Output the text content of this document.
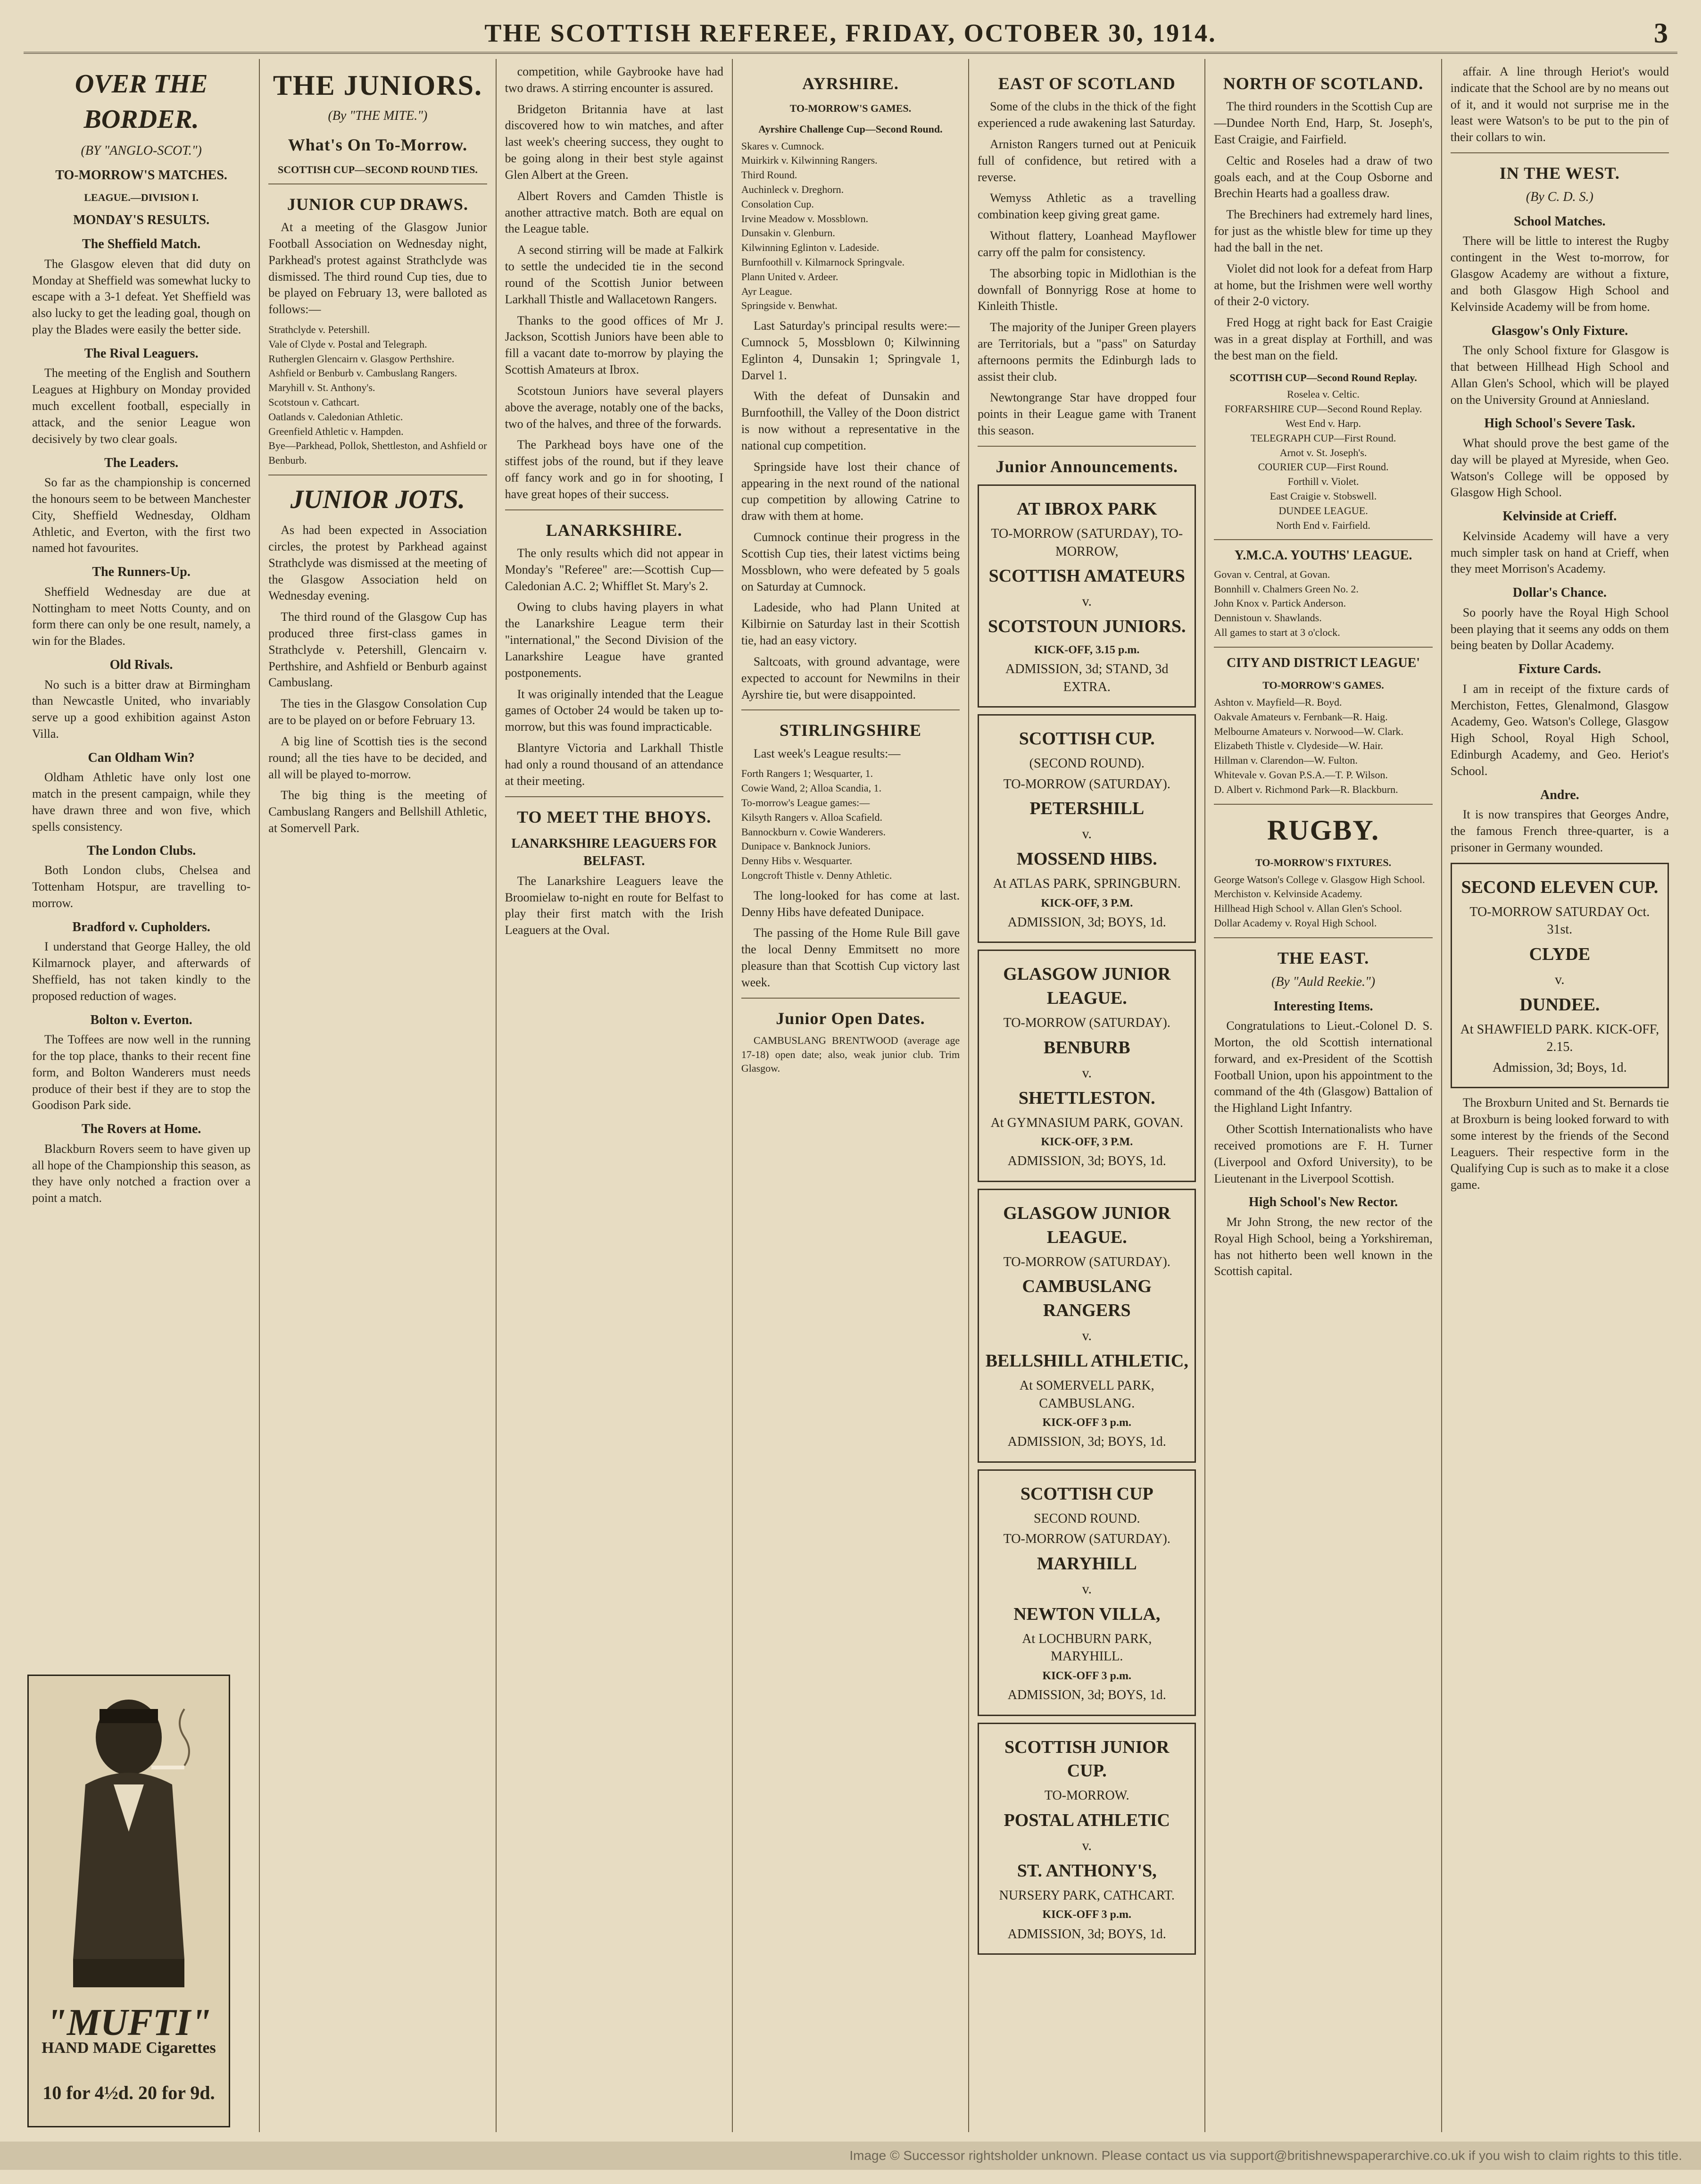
THE SCOTTISH REFEREE, FRIDAY, OCTOBER 30, 1914.	3
OVER THE BORDER.
(BY "ANGLO-SCOT.")
TO-MORROW'S MATCHES.
LEAGUE.—DIVISION I.
MONDAY'S RESULTS.
The Sheffield Match.

The Glasgow eleven that did duty on Monday at Sheffield was somewhat lucky to escape with a 3-1 defeat. Yet Sheffield was also lucky to get the leading goal, though on play the Blades were easily the better side.

The Rival Leaguers.

The meeting of the English and Southern Leagues at Highbury on Monday provided much excellent football, especially in attack, and the senior League won decisively by two clear goals.

The Leaders.

So far as the championship is concerned the honours seem to be between Manchester City, Sheffield Wednesday, Oldham Athletic, and Everton, with the first two named hot favourites.

The Runners-Up.

Sheffield Wednesday are due at Nottingham to meet Notts County, and on form there can only be one result, namely, a win for the Blades.

Old Rivals.

No such is a bitter draw at Birmingham than Newcastle United, who invariably serve up a good exhibition against Aston Villa.

Can Oldham Win?

Oldham Athletic have only lost one match in the present campaign, while they have drawn three and won five, which spells consistency.

The London Clubs.

Both London clubs, Chelsea and Tottenham Hotspur, are travelling to-morrow.

Bradford v. Cupholders.

I understand that George Halley, the old Kilmarnock player, and afterwards of Sheffield, has not taken kindly to the proposed reduction of wages.

Bolton v. Everton.

The Toffees are now well in the running for the top place, thanks to their recent fine form, and Bolton Wanderers must needs produce of their best if they are to stop the Goodison Park side.

The Rovers at Home.

Blackburn Rovers seem to have given up all hope of the Championship this season, as they have only notched a fraction over a point a match.

THE JUNIORS.
(By "THE MITE.")
What's On To-Morrow.
SCOTTISH CUP—SECOND ROUND TIES.
JUNIOR CUP DRAWS.

At a meeting of the Glasgow Junior Football Association on Wednesday night, Parkhead's protest against Strathclyde was dismissed. The third round Cup ties, due to be played on February 13, were balloted as follows:—

Strathclyde v. Petershill.
Vale of Clyde v. Postal and Telegraph.
Rutherglen Glencairn v. Glasgow Perthshire.
Ashfield or Benburb v. Cambuslang Rangers.
Maryhill v. St. Anthony's.
Scotstoun v. Cathcart.
Oatlands v. Caledonian Athletic.
Greenfield Athletic v. Hampden.
Bye—Parkhead, Pollok, Shettleston, and Ashfield or Benburb.
JUNIOR JOTS.

As had been expected in Association circles, the protest by Parkhead against Strathclyde was dismissed at the meeting of the Glasgow Association held on Wednesday evening.

The third round of the Glasgow Cup has produced three first-class games in Strathclyde v. Petershill, Glencairn v. Perthshire, and Ashfield or Benburb against Cambuslang.

The ties in the Glasgow Consolation Cup are to be played on or before February 13.

A big line of Scottish ties is the second round; all the ties have to be decided, and all will be played to-morrow.

The big thing is the meeting of Cambuslang Rangers and Bellshill Athletic, at Somervell Park.

competition, while Gaybrooke have had two draws. A stirring encounter is assured.

Bridgeton Britannia have at last discovered how to win matches, and after last week's cheering success, they ought to be going along in their best style against Glen Albert at the Green.

Albert Rovers and Camden Thistle is another attractive match. Both are equal on the League table.

A second stirring will be made at Falkirk to settle the undecided tie in the second round of the Scottish Junior between Larkhall Thistle and Wallacetown Rangers.

Thanks to the good offices of Mr J. Jackson, Scottish Juniors have been able to fill a vacant date to-morrow by playing the Scottish Amateurs at Ibrox.

Scotstoun Juniors have several players above the average, notably one of the backs, two of the halves, and three of the forwards.

The Parkhead boys have one of the stiffest jobs of the round, but if they leave off fancy work and go in for shooting, I have great hopes of their success.

LANARKSHIRE.

The only results which did not appear in Monday's "Referee" are:—Scottish Cup—Caledonian A.C. 2; Whifflet St. Mary's 2.

Owing to clubs having players in what the Lanarkshire League term their "international," the Second Division of the Lanarkshire League have granted postponements.

It was originally intended that the League games of October 24 would be taken up to-morrow, but this was found impracticable.

Blantyre Victoria and Larkhall Thistle had only a round thousand of an attendance at their meeting.

TO MEET THE BHOYS.
LANARKSHIRE LEAGUERS FOR BELFAST.

The Lanarkshire Leaguers leave the Broomielaw to-night en route for Belfast to play their first match with the Irish Leaguers at the Oval.

AYRSHIRE.
TO-MORROW'S GAMES.
Ayrshire Challenge Cup—Second Round.
Skares v. Cumnock.
Muirkirk v. Kilwinning Rangers.
Third Round.
Auchinleck v. Dreghorn.
Consolation Cup.
Irvine Meadow v. Mossblown.
Dunsakin v. Glenburn.
Kilwinning Eglinton v. Ladeside.
Burnfoothill v. Kilmarnock Springvale.
Plann United v. Ardeer.
Ayr League.
Springside v. Benwhat.

Last Saturday's principal results were:—Cumnock 5, Mossblown 0; Kilwinning Eglinton 4, Dunsakin 1; Springvale 1, Darvel 1.

With the defeat of Dunsakin and Burnfoothill, the Valley of the Doon district is now without a representative in the national cup competition.

Springside have lost their chance of appearing in the next round of the national cup competition by allowing Catrine to draw with them at home.

Cumnock continue their progress in the Scottish Cup ties, their latest victims being Mossblown, who were defeated by 5 goals on Saturday at Cumnock.

Ladeside, who had Plann United at Kilbirnie on Saturday last in their Scottish tie, had an easy victory.

Saltcoats, with ground advantage, were expected to account for Newmilns in their Ayrshire tie, but were disappointed.

STIRLINGSHIRE

Last week's League results:—

Forth Rangers 1; Wesquarter, 1.
Cowie Wand, 2; Alloa Scandia, 1.
To-morrow's League games:—
Kilsyth Rangers v. Alloa Scafield.
Bannockburn v. Cowie Wanderers.
Dunipace v. Banknock Juniors.
Denny Hibs v. Wesquarter.
Longcroft Thistle v. Denny Athletic.

The long-looked for has come at last. Denny Hibs have defeated Dunipace.

The passing of the Home Rule Bill gave the local Denny Emmitsett no more pleasure than that Scottish Cup victory last week.

Junior Open Dates.

CAMBUSLANG BRENTWOOD (average age 17-18) open date; also, weak junior club. Trim Glasgow.

EAST OF SCOTLAND

Some of the clubs in the thick of the fight experienced a rude awakening last Saturday.

Arniston Rangers turned out at Penicuik full of confidence, but retired with a reverse.

Wemyss Athletic as a travelling combination keep giving great game.

Without flattery, Loanhead Mayflower carry off the palm for consistency.

The absorbing topic in Midlothian is the downfall of Bonnyrigg Rose at home to Kinleith Thistle.

The majority of the Juniper Green players are Territorials, but a "pass" on Saturday afternoons permits the Edinburgh lads to assist their club.

Newtongrange Star have dropped four points in their League game with Tranent this season.

Junior Announcements.
AT IBROX PARK
TO-MORROW (SATURDAY), TO-MORROW,
SCOTTISH AMATEURS
v.
SCOTSTOUN JUNIORS.
KICK-OFF, 3.15 p.m.
ADMISSION, 3d; STAND, 3d EXTRA.
SCOTTISH CUP.
(SECOND ROUND).
TO-MORROW (SATURDAY).
PETERSHILL
v.
MOSSEND HIBS.
At ATLAS PARK, SPRINGBURN.
KICK-OFF, 3 P.M.
ADMISSION, 3d; BOYS, 1d.
GLASGOW JUNIOR LEAGUE.
TO-MORROW (SATURDAY).
BENBURB
v.
SHETTLESTON.
At GYMNASIUM PARK, GOVAN.
KICK-OFF, 3 P.M.
ADMISSION, 3d; BOYS, 1d.
GLASGOW JUNIOR LEAGUE.
TO-MORROW (SATURDAY).
CAMBUSLANG RANGERS
v.
BELLSHILL ATHLETIC,
At SOMERVELL PARK, CAMBUSLANG.
KICK-OFF 3 p.m.
ADMISSION, 3d; BOYS, 1d.
SCOTTISH CUP
SECOND ROUND.
TO-MORROW (SATURDAY).
MARYHILL
v.
NEWTON VILLA,
At LOCHBURN PARK, MARYHILL.
KICK-OFF 3 p.m.
ADMISSION, 3d; BOYS, 1d.
SCOTTISH JUNIOR CUP.
TO-MORROW.
POSTAL ATHLETIC
v.
ST. ANTHONY'S,
NURSERY PARK, CATHCART.
KICK-OFF 3 p.m.
ADMISSION, 3d; BOYS, 1d.
NORTH OF SCOTLAND.

The third rounders in the Scottish Cup are—Dundee North End, Harp, St. Joseph's, East Craigie, and Fairfield.

Celtic and Roseles had a draw of two goals each, and at the Coup Osborne and Brechin Hearts had a goalless draw.

The Brechiners had extremely hard lines, for just as the whistle blew for time up they had the ball in the net.

Violet did not look for a defeat from Harp at home, but the Irishmen were well worthy of their 2-0 victory.

Fred Hogg at right back for East Craigie was in a great display at Forthill, and was the best man on the field.

SCOTTISH CUP—Second Round Replay.
Roselea v. Celtic.
FORFARSHIRE CUP—Second Round Replay.
West End v. Harp.
TELEGRAPH CUP—First Round.
Arnot v. St. Joseph's.
COURIER CUP—First Round.
Forthill v. Violet.
East Craigie v. Stobswell.
DUNDEE LEAGUE.
North End v. Fairfield.
Y.M.C.A. YOUTHS' LEAGUE.
Govan v. Central, at Govan.
Bonnhill v. Chalmers Green No. 2.
John Knox v. Partick Anderson.
Dennistoun v. Shawlands.
All games to start at 3 o'clock.
CITY AND DISTRICT LEAGUE'
TO-MORROW'S GAMES.
Ashton v. Mayfield—R. Boyd.
Oakvale Amateurs v. Fernbank—R. Haig.
Melbourne Amateurs v. Norwood—W. Clark.
Elizabeth Thistle v. Clydeside—W. Hair.
Hillman v. Clarendon—W. Fulton.
Whitevale v. Govan P.S.A.—T. P. Wilson.
D. Albert v. Richmond Park—R. Blackburn.
RUGBY.
TO-MORROW'S FIXTURES.
George Watson's College v. Glasgow High School.
Merchiston v. Kelvinside Academy.
Hillhead High School v. Allan Glen's School.
Dollar Academy v. Royal High School.
THE EAST.
(By "Auld Reekie.")
Interesting Items.

Congratulations to Lieut.-Colonel D. S. Morton, the old Scottish international forward, and ex-President of the Scottish Football Union, upon his appointment to the command of the 4th (Glasgow) Battalion of the Highland Light Infantry.

Other Scottish Internationalists who have received promotions are F. H. Turner (Liverpool and Oxford University), to be Lieutenant in the Liverpool Scottish.

High School's New Rector.

Mr John Strong, the new rector of the Royal High School, being a Yorkshireman, has not hitherto been well known in the Scottish capital.

affair. A line through Heriot's would indicate that the School are by no means out of it, and it would not surprise me in the least were Watson's to be put to the pin of their collars to win.

IN THE WEST.
(By C. D. S.)
School Matches.

There will be little to interest the Rugby contingent in the West to-morrow, for Glasgow Academy are without a fixture, and both Glasgow High School and Kelvinside Academy will be from home.

Glasgow's Only Fixture.

The only School fixture for Glasgow is that between Hillhead High School and Allan Glen's School, which will be played on the University Ground at Anniesland.

High School's Severe Task.

What should prove the best game of the day will be played at Myreside, when Geo. Watson's College will be opposed by Glasgow High School.

Kelvinside at Crieff.

Kelvinside Academy will have a very much simpler task on hand at Crieff, when they meet Morrison's Academy.

Dollar's Chance.

So poorly have the Royal High School been playing that it seems any odds on them being beaten by Dollar Academy.

Fixture Cards.

I am in receipt of the fixture cards of Merchiston, Fettes, Glenalmond, Glasgow Academy, Geo. Watson's College, Glasgow High School, Royal High School, Edinburgh Academy, and Geo. Heriot's School.

Andre.

It is now transpires that Georges Andre, the famous French three-quarter, is a prisoner in Germany wounded.

SECOND ELEVEN CUP.
TO-MORROW SATURDAY Oct. 31st.
CLYDE
v.
DUNDEE.
At SHAWFIELD PARK. KICK-OFF, 2.15.
Admission, 3d; Boys, 1d.

The Broxburn United and St. Bernards tie at Broxburn is being looked forward to with some interest by the friends of the Second Leaguers. Their respective form in the Qualifying Cup is such as to make it a close game.

"MUFTI"
HAND MADE Cigarettes
10 for 4½d. 20 for 9d.
Image © Successor rightsholder unknown. Please contact us via support@britishnewspaperarchive.co.uk if you wish to claim rights to this title.
